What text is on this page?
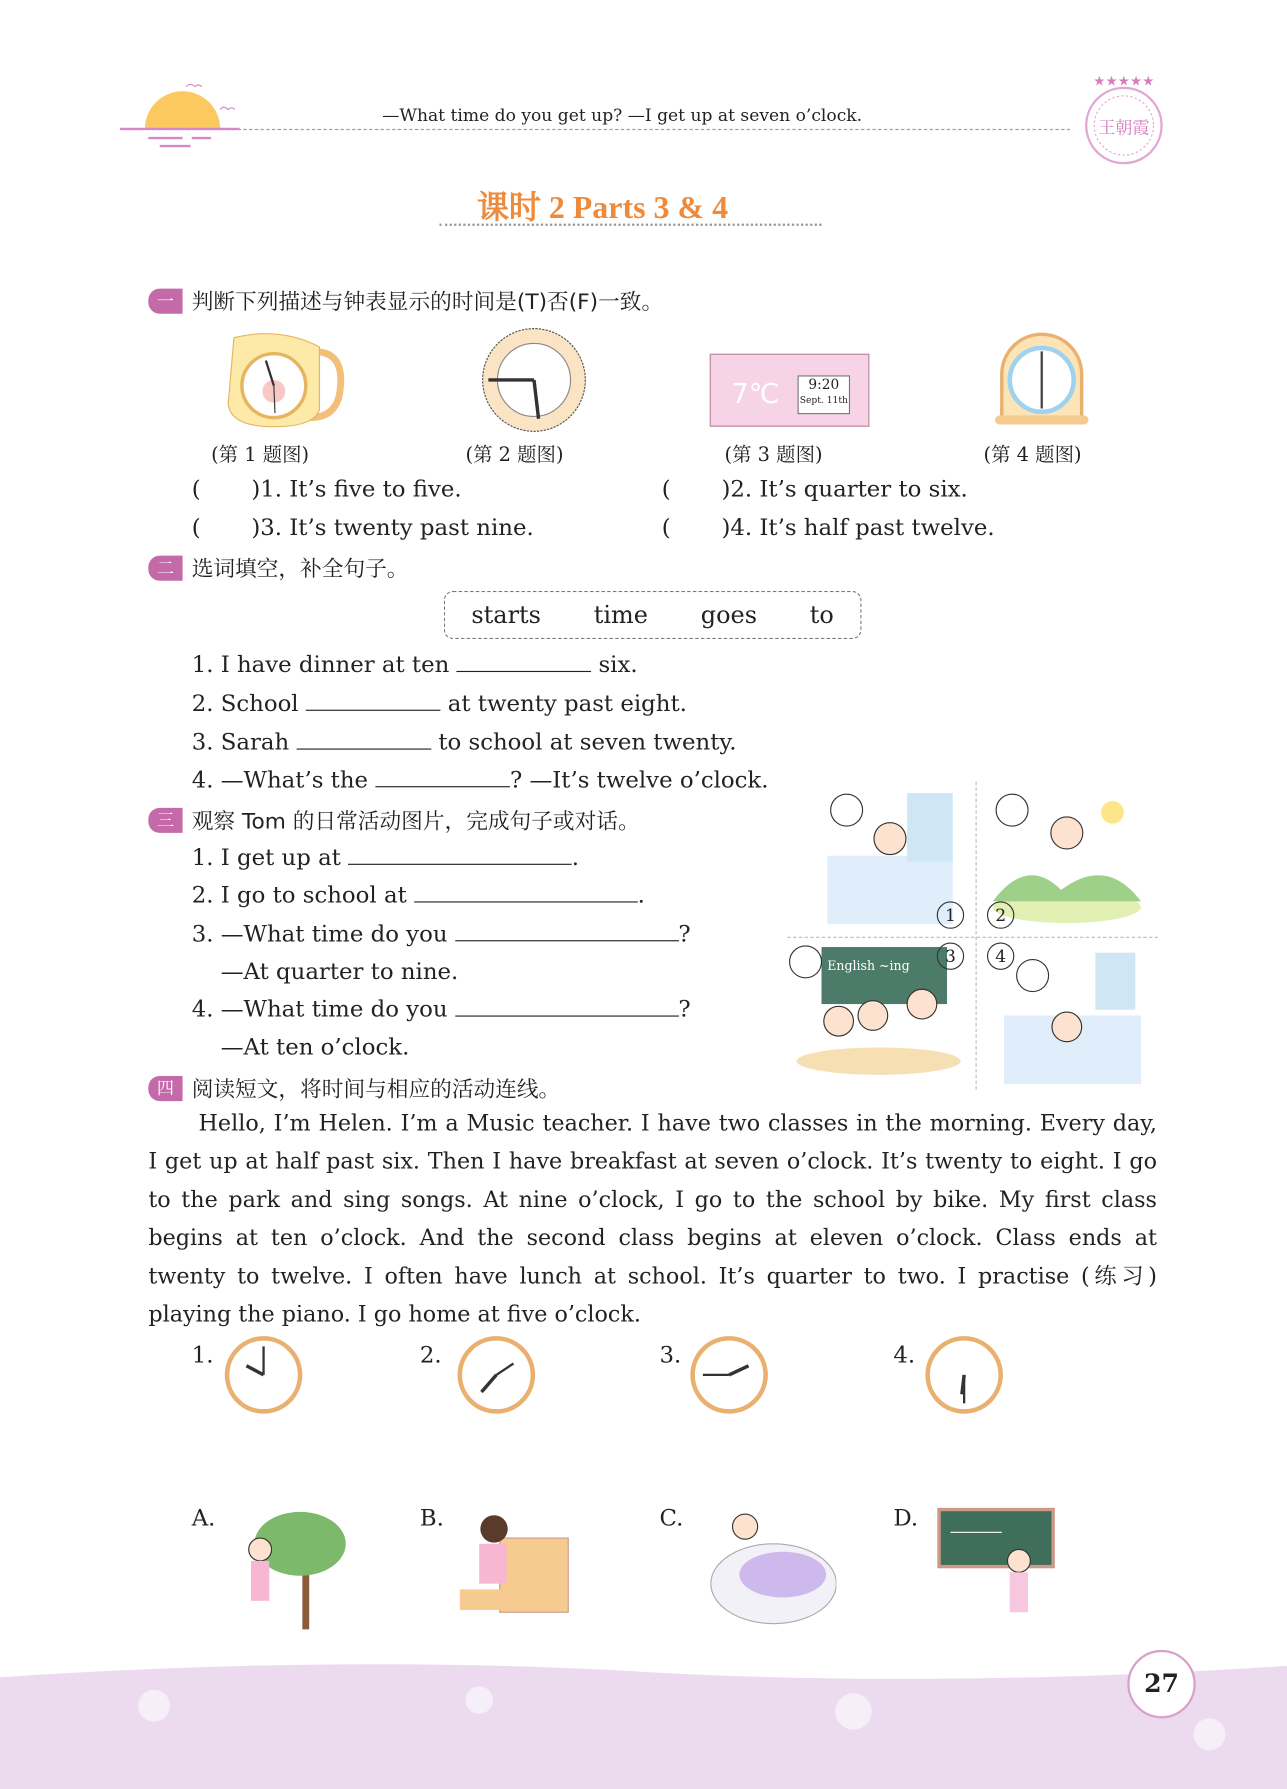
—What time do you get up? —I get up at seven o’clock.
★★★★★
王朝霞
课时 2 Parts 3 & 4
一 判断下列描述与钟表显示的时间是(T)否(F)一致。
7℃	9:20
Sept. 11th
(第 1 题图)	(第 2 题图)	(第 3 题图)	(第 4 题图)
(       )1. It’s five to five.	(       )2. It’s quarter to six.
(       )3. It’s twenty past nine.	(       )4. It’s half past twelve.
二 选词填空，补全句子。
starts	time	goes	to
1. I have dinner at ten	six.
2. School	at twenty past eight.
3. Sarah	to school at seven twenty.
4. —What’s the	? —It’s twelve o’clock.
三 观察 Tom 的日常活动图片，完成句子或对话。
1. I get up at	.
2. I go to school at	.
3. —What time do you	?
—At quarter to nine.
4. —What time do you	?
—At ten o’clock.
English ~ing
1	2
3	4
四 阅读短文，将时间与相应的活动连线。
Hello, I’m Helen. I’m a Music teacher. I have two classes in the morning. Every day, I get up at half past six. Then I have breakfast at seven o’clock. It’s twenty to eight. I go to the park and sing songs. At nine o’clock, I go to the school by bike. My first class begins at ten o’clock. And the second class begins at eleven o’clock. Class ends at twenty to twelve. I often have lunch at school. It’s quarter to two. I practise (练习) playing the piano. I go home at five o’clock.
1.	2.	3.	4.
A.	B.	C.	D.
27
